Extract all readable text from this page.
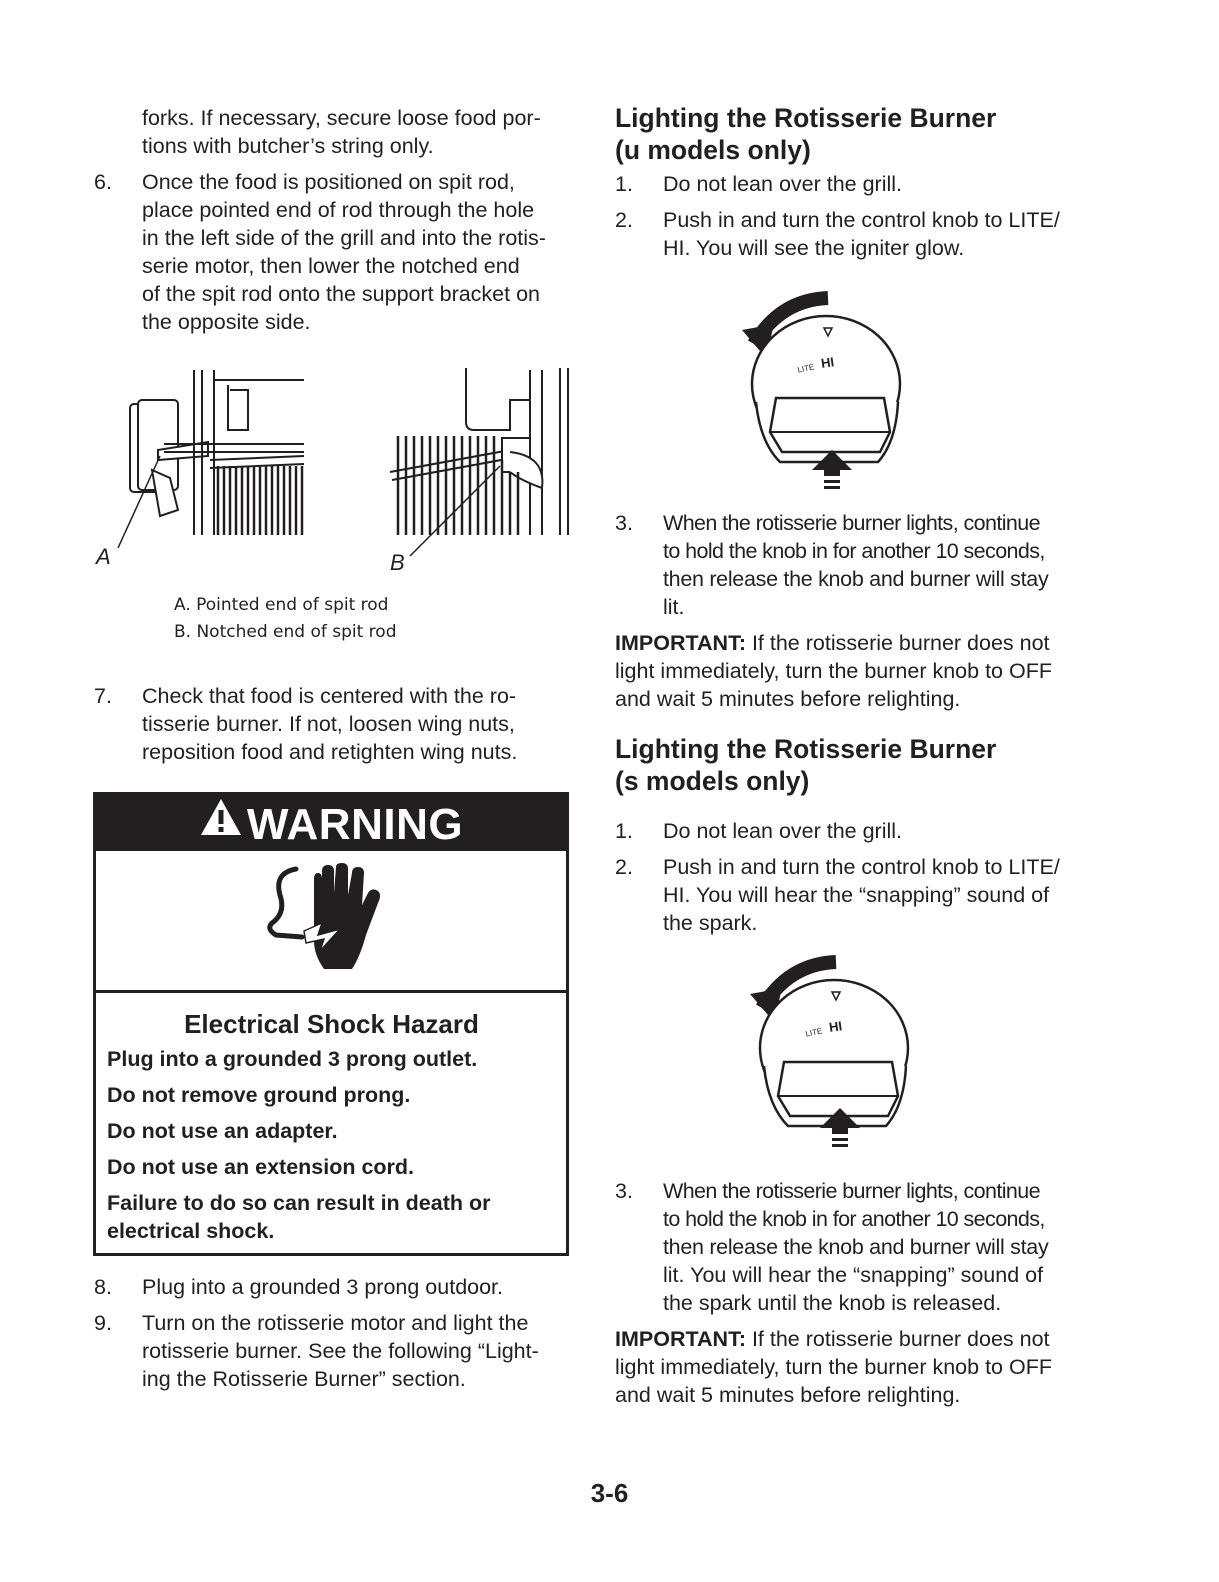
forks. If necessary, secure loose food por-
tions with butcher’s string only.

6. Once the food is positioned on spit rod,
place pointed end of rod through the hole
in the left side of the grill and into the rotis-
serie motor, then lower the notched end
of the spit rod onto the support bracket on
the opposite side.
A	B
A. Pointed end of spit rod
B. Notched end of spit rod
7. Check that food is centered with the ro-
tisserie burner. If not, loosen wing nuts,
reposition food and retighten wing nuts.
WARNING

Electrical Shock Hazard

Plug into a grounded 3 prong outlet.

Do not remove ground prong.

Do not use an adapter.

Do not use an extension cord.

Failure to do so can result in death or
electrical shock.

8. Plug into a grounded 3 prong outdoor.
9. Turn on the rotisserie motor and light the
rotisserie burner. See the following “Light-
ing the Rotisserie Burner” section.
Lighting the Rotisserie Burner
(u models only)
1. Do not lean over the grill.
2. Push in and turn the control knob to LITE/
HI. You will see the igniter glow.
LITE HI
3. When the rotisserie burner lights, continue
to hold the knob in for another 10 seconds,
then release the knob and burner will stay
lit.

IMPORTANT: If the rotisserie burner does not
light immediately, turn the burner knob to OFF
and wait 5 minutes before relighting.

Lighting the Rotisserie Burner
(s models only)
1. Do not lean over the grill.
2. Push in and turn the control knob to LITE/
HI. You will hear the “snapping” sound of
the spark.
LITE HI
3. When the rotisserie burner lights, continue
to hold the knob in for another 10 seconds,
then release the knob and burner will stay
lit. You will hear the “snapping” sound of
the spark until the knob is released.

IMPORTANT: If the rotisserie burner does not
light immediately, turn the burner knob to OFF
and wait 5 minutes before relighting.

3-6
